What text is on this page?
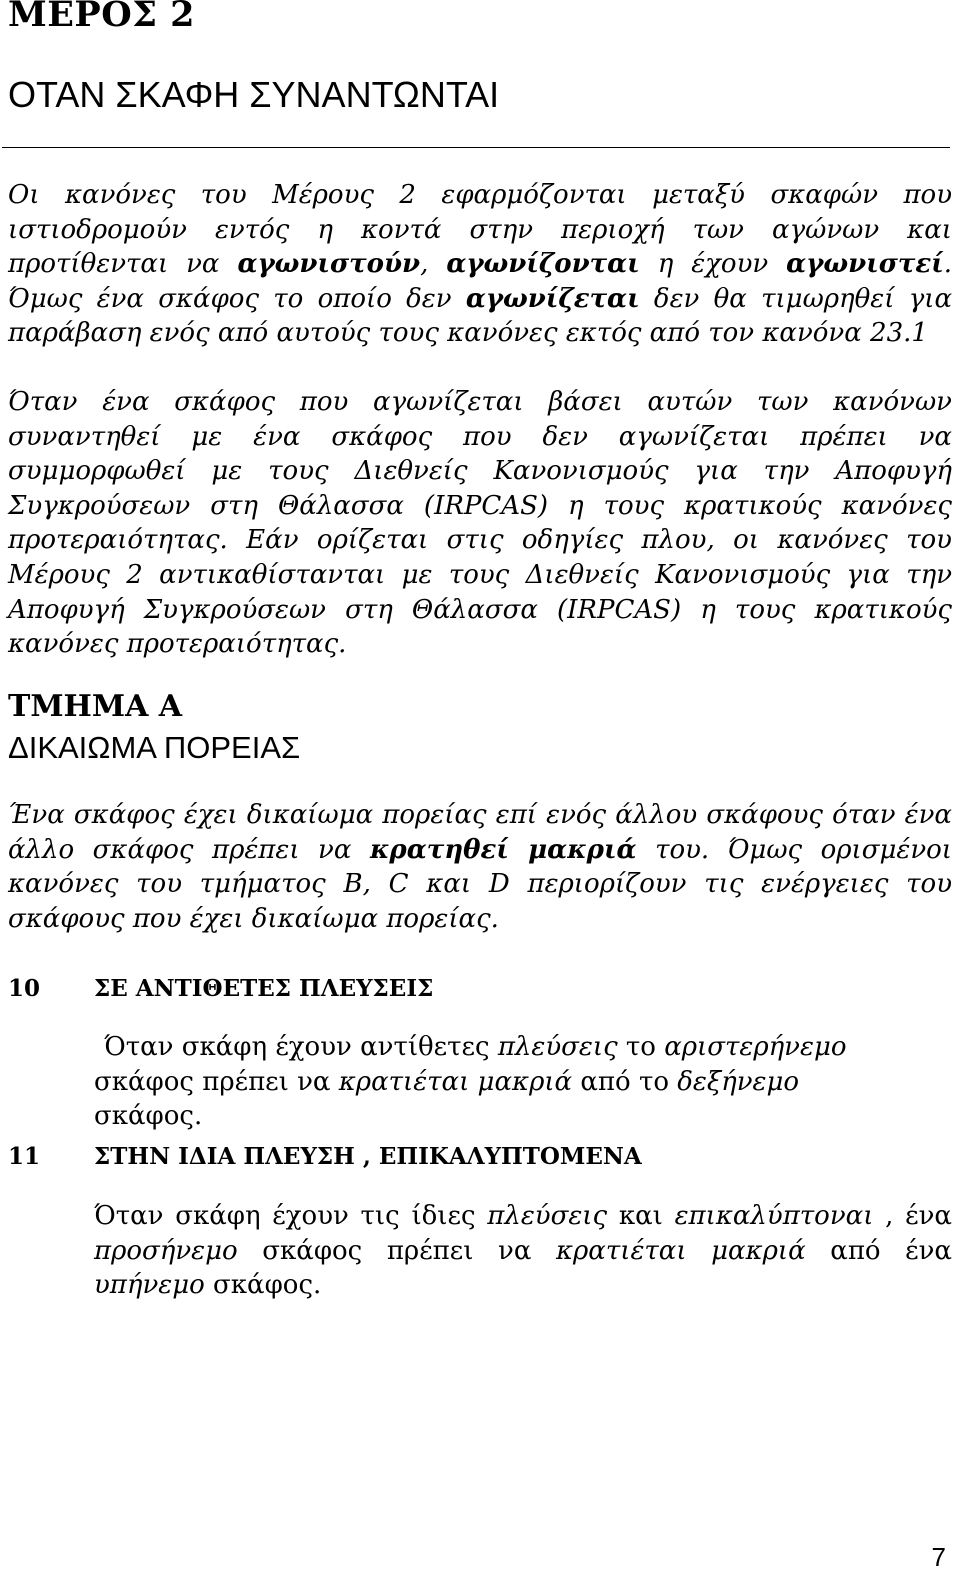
ΜΕΡΟΣ 2
ΟΤΑΝ ΣΚΑΦΗ ΣΥΝΑΝΤΩΝΤΑΙ

Οι κανόνες του Μέρους 2 εφαρμόζονται μεταξύ σκαφών που ιστιοδρομούν εντός η κοντά στην περιοχή των αγώνων και προτίθενται να αγωνιστούν, αγωνίζονται η έχουν αγωνιστεί. Όμως ένα σκάφος το οποίο δεν αγωνίζεται δεν θα τιμωρηθεί για παράβαση ενός από αυτούς τους κανόνες εκτός από τον κανόνα 23.1

Όταν ένα σκάφος που αγωνίζεται βάσει αυτών των κανόνων συναντηθεί με ένα σκάφος που δεν αγωνίζεται πρέπει να συμμορφωθεί με τους Διεθνείς Κανονισμούς για την Αποφυγή Συγκρούσεων στη Θάλασσα (IRPCAS) η τους κρατικούς κανόνες προτεραιότητας. Εάν ορίζεται στις οδηγίες πλου, οι κανόνες του Μέρους 2 αντικαθίστανται με τους Διεθνείς Κανονισμούς για την Αποφυγή Συγκρούσεων στη Θάλασσα (IRPCAS) η τους κρατικούς κανόνες προτεραιότητας.

ΤΜΗΜΑ A
ΔΙΚΑΙΩΜΑ ΠΟΡΕΙΑΣ

Ένα σκάφος έχει δικαίωμα πορείας επί ενός άλλου σκάφους όταν ένα άλλο σκάφος πρέπει να κρατηθεί μακριά του. Όμως ορισμένοι κανόνες του τμήματος B, C και D περιορίζουν τις ενέργειες του σκάφους που έχει δικαίωμα πορείας.

10 ΣΕ ΑΝΤΙΘΕΤΕΣ ΠΛΕΥΣΕΙΣ

Όταν σκάφη έχουν αντίθετες πλεύσεις το αριστερήνεμο σκάφος πρέπει να κρατιέται μακριά από το δεξήνεμο σκάφος.

11 ΣΤΗΝ ΙΔΙΑ ΠΛΕΥΣΗ , ΕΠΙΚΑΛΥΠΤΟΜΕΝΑ

Όταν σκάφη έχουν τις ίδιες πλεύσεις και επικαλύπτοναι , ένα προσήνεμο σκάφος πρέπει να κρατιέται μακριά από ένα υπήνεμο σκάφος.

7
